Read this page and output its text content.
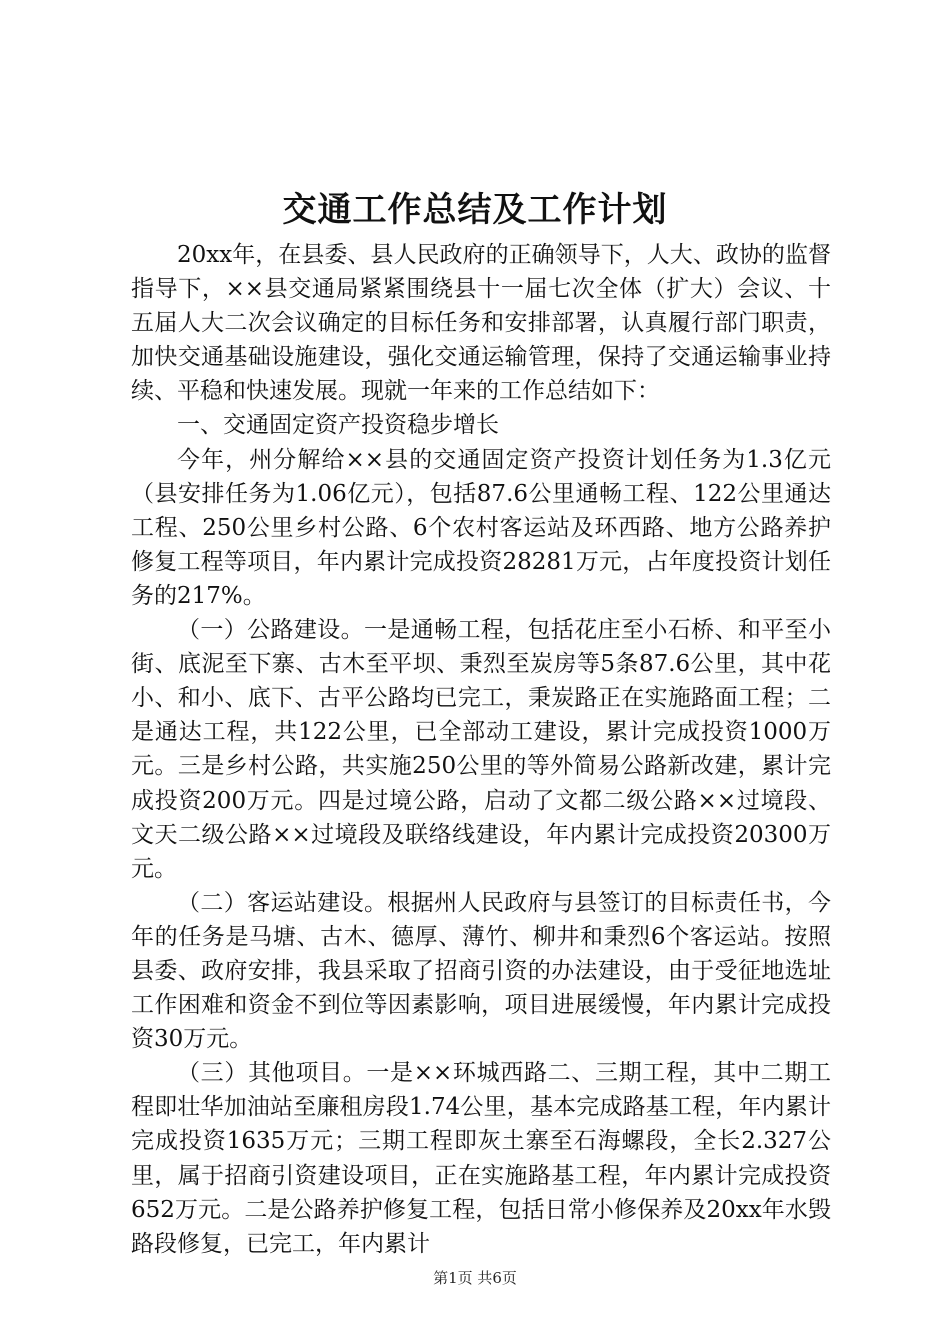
交通工作总结及工作计划

20xx年，在县委、县人民政府的正确领导下，人大、政协的监督指导下，××县交通局紧紧围绕县十一届七次全体（扩大）会议、十五届人大二次会议确定的目标任务和安排部署，认真履行部门职责，加快交通基础设施建设，强化交通运输管理，保持了交通运输事业持续、平稳和快速发展。现就一年来的工作总结如下：

一、交通固定资产投资稳步增长

今年，州分解给××县的交通固定资产投资计划任务为1.3亿元（县安排任务为1.06亿元），包括87.6公里通畅工程、122公里通达工程、250公里乡村公路、6个农村客运站及环西路、地方公路养护修复工程等项目，年内累计完成投资28281万元，占年度投资计划任务的217%。

（一）公路建设。一是通畅工程，包括花庄至小石桥、和平至小街、底泥至下寨、古木至平坝、秉烈至炭房等5条87.6公里，其中花小、和小、底下、古平公路均已完工，秉炭路正在实施路面工程；二是通达工程，共122公里，已全部动工建设，累计完成投资1000万元。三是乡村公路，共实施250公里的等外简易公路新改建，累计完成投资200万元。四是过境公路，启动了文都二级公路××过境段、文天二级公路××过境段及联络线建设，年内累计完成投资20300万元。

（二）客运站建设。根据州人民政府与县签订的目标责任书，今年的任务是马塘、古木、德厚、薄竹、柳井和秉烈6个客运站。按照县委、政府安排，我县采取了招商引资的办法建设，由于受征地选址工作困难和资金不到位等因素影响，项目进展缓慢，年内累计完成投资30万元。

（三）其他项目。一是××环城西路二、三期工程，其中二期工程即壮华加油站至廉租房段1.74公里，基本完成路基工程，年内累计完成投资1635万元；三期工程即灰土寨至石海螺段，全长2.327公里，属于招商引资建设项目，正在实施路基工程，年内累计完成投资652万元。二是公路养护修复工程，包括日常小修保养及20xx年水毁路段修复，已完工，年内累计

第1页 共6页
